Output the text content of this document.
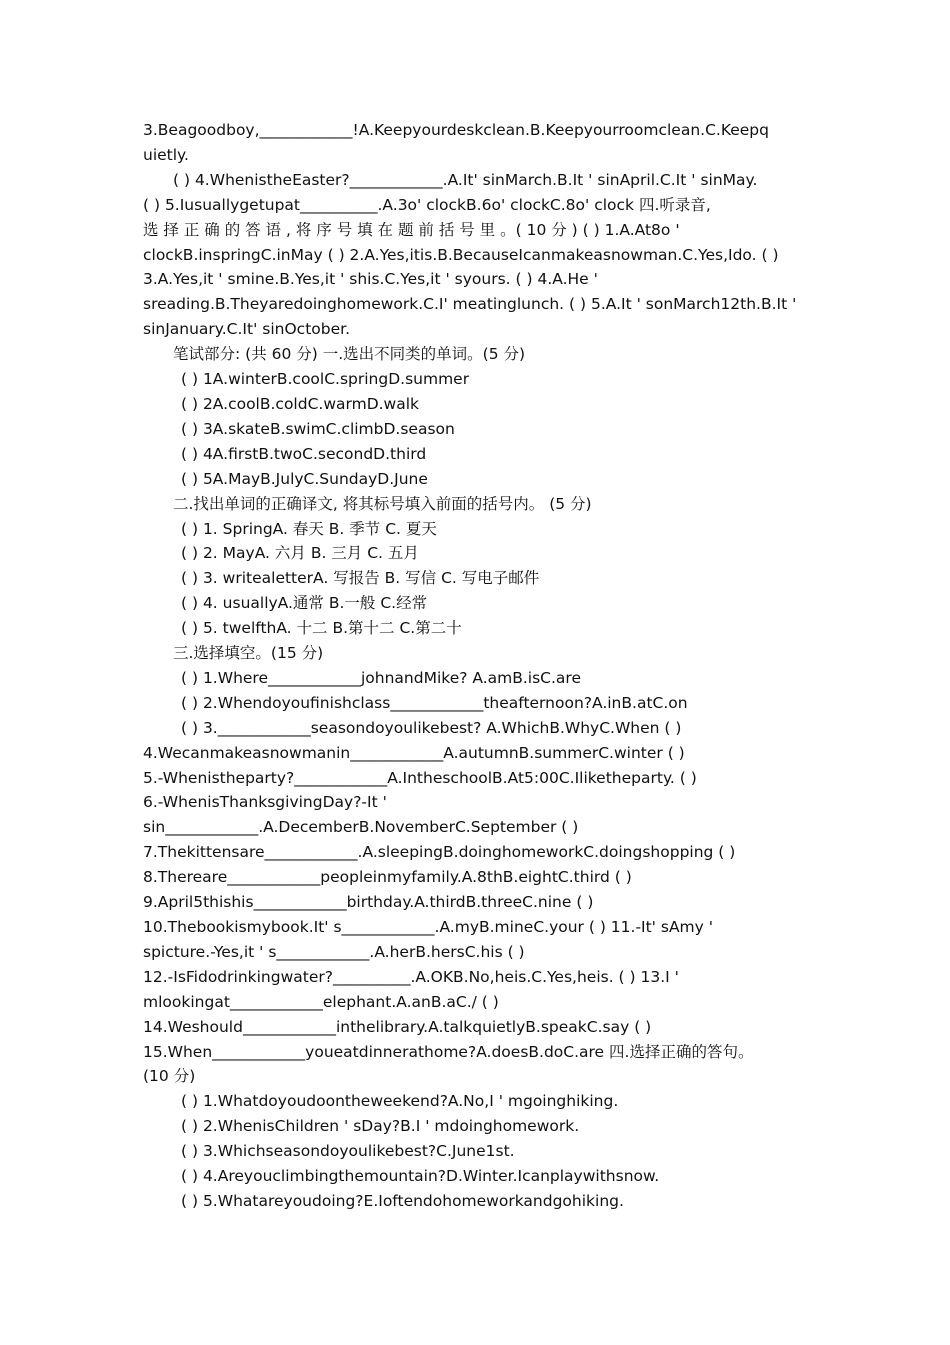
3.Beagoodboy,____________!A.Keepyourdeskclean.B.Keepyourroomclean.C.Keepq
uietly.
( ) 4.WhenistheEaster?____________.A.It' sinMarch.B.It ' sinApril.C.It ' sinMay.
( ) 5.Iusuallygetupat__________.A.3o' clockB.6o' clockC.8o' clock 四.听录音,
选 择 正 确 的 答 语 , 将 序 号 填 在 题 前 括 号 里 。( 10 分 ) ( ) 1.A.At8o '
clockB.inspringC.inMay ( ) 2.A.Yes,itis.B.BecauseIcanmakeasnowman.C.Yes,Ido. ( )
3.A.Yes,it ' smine.B.Yes,it ' shis.C.Yes,it ' syours. ( ) 4.A.He '
sreading.B.Theyaredoinghomework.C.I' meatinglunch. ( ) 5.A.It ' sonMarch12th.B.It '
sinJanuary.C.It' sinOctober.
笔试部分: (共 60 分) 一.选出不同类的单词。(5 分)
( ) 1A.winterB.coolC.springD.summer
( ) 2A.coolB.coldC.warmD.walk
( ) 3A.skateB.swimC.climbD.season
( ) 4A.firstB.twoC.secondD.third
( ) 5A.MayB.JulyC.SundayD.June
二.找出单词的正确译文, 将其标号填入前面的括号内。 (5 分)
( ) 1. SpringA. 春天 B. 季节 C. 夏天
( ) 2. MayA. 六月 B. 三月 C. 五月
( ) 3. writealetterA. 写报告 B. 写信 C. 写电子邮件
( ) 4. usuallyA.通常 B.一般 C.经常
( ) 5. twelfthA. 十二 B.第十二 C.第二十
三.选择填空。(15 分)
( ) 1.Where____________johnandMike? A.amB.isC.are
( ) 2.Whendoyoufinishclass____________theafternoon?A.inB.atC.on
( ) 3.____________seasondoyoulikebest? A.WhichB.WhyC.When ( )
4.Wecanmakeasnowmanin____________A.autumnB.summerC.winter ( )
5.-Whenistheparty?____________A.IntheschoolB.At5:00C.Iliketheparty. ( )
6.-WhenisThanksgivingDay?-It '
sin____________.A.DecemberB.NovemberC.September ( )
7.Thekittensare____________.A.sleepingB.doinghomeworkC.doingshopping ( )
8.Thereare____________peopleinmyfamily.A.8thB.eightC.third ( )
9.April5thishis____________birthday.A.thirdB.threeC.nine ( )
10.Thebookismybook.It' s____________.A.myB.mineC.your ( ) 11.-It' sAmy '
spicture.-Yes,it ' s____________.A.herB.hersC.his ( )
12.-IsFidodrinkingwater?__________.A.OKB.No,heis.C.Yes,heis. ( ) 13.I '
mlookingat____________elephant.A.anB.aC./ ( )
14.Weshould____________inthelibrary.A.talkquietlyB.speakC.say ( )
15.When____________youeatdinnerathome?A.doesB.doC.are 四.选择正确的答句。
(10 分)
( ) 1.Whatdoyoudoontheweekend?A.No,I ' mgoinghiking.
( ) 2.WhenisChildren ' sDay?B.I ' mdoinghomework.
( ) 3.Whichseasondoyoulikebest?C.June1st.
( ) 4.Areyouclimbingthemountain?D.Winter.Icanplaywithsnow.
( ) 5.Whatareyoudoing?E.Ioftendohomeworkandgohiking.
